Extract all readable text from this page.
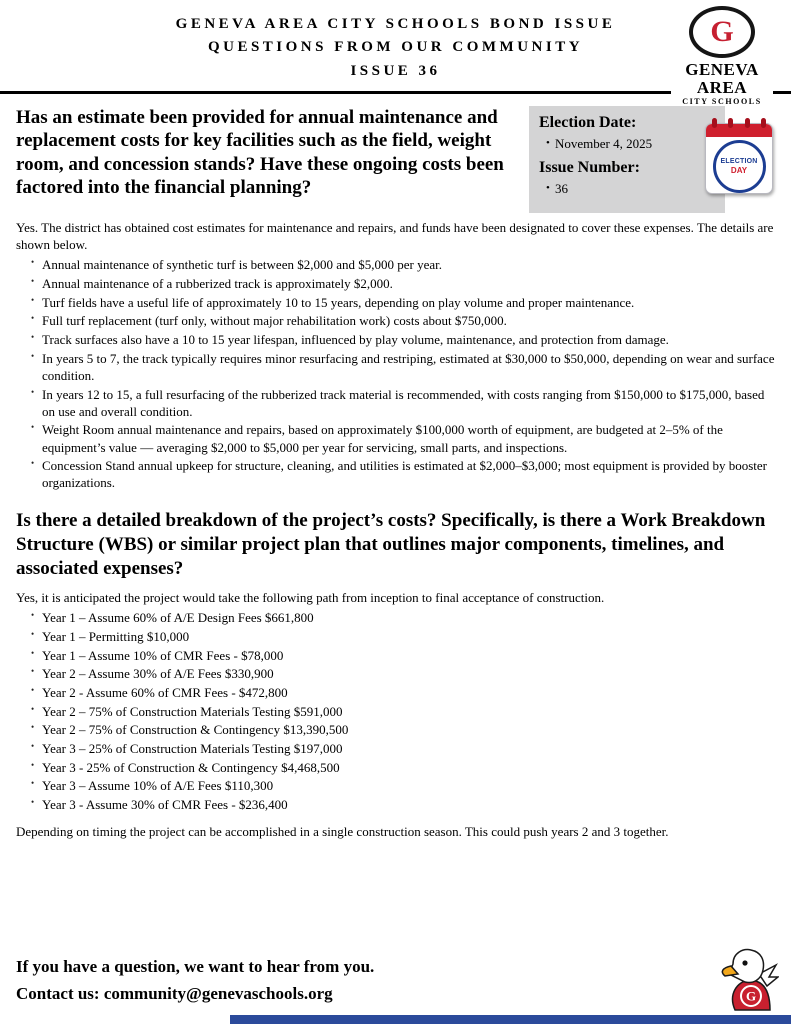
GENEVA AREA CITY SCHOOLS BOND ISSUE
QUESTIONS FROM OUR COMMUNITY
ISSUE 36
G
GENEVA
AREA
CITY SCHOOLS
Has an estimate been provided for annual maintenance and replacement costs for key facilities such as the field, weight room, and concession stands? Have these ongoing costs been factored into the financial planning?
Election Date:
• November 4, 2025
Issue Number:
• 36
ELECTION
DAY

Yes. The district has obtained cost estimates for maintenance and repairs, and funds have been designated to cover these expenses. The details are shown below.

• Annual maintenance of synthetic turf is between $2,000 and $5,000 per year.
• Annual maintenance of a rubberized track is approximately $2,000.
• Turf fields have a useful life of approximately 10 to 15 years, depending on play volume and proper maintenance.
• Full turf replacement (turf only, without major rehabilitation work) costs about $750,000.
• Track surfaces also have a 10 to 15 year lifespan, influenced by play volume, maintenance, and protection from damage.
• In years 5 to 7, the track typically requires minor resurfacing and restriping, estimated at $30,000 to $50,000, depending on wear and surface condition.
• In years 12 to 15, a full resurfacing of the rubberized track material is recommended, with costs ranging from $150,000 to $175,000, based on use and overall condition.
• Weight Room annual maintenance and repairs, based on approximately $100,000 worth of equipment, are budgeted at 2–5% of the equipment’s value — averaging $2,000 to $5,000 per year for servicing, small parts, and inspections.
• Concession Stand annual upkeep for structure, cleaning, and utilities is estimated at $2,000–$3,000; most equipment is provided by booster organizations.
Is there a detailed breakdown of the project’s costs? Specifically, is there a Work Breakdown Structure (WBS) or similar project plan that outlines major components, timelines, and associated expenses?

Yes, it is anticipated the project would take the following path from inception to final acceptance of construction.

• Year 1 – Assume 60% of A/E Design Fees $661,800
• Year 1 – Permitting $10,000
• Year 1 – Assume 10% of CMR Fees - $78,000
• Year 2 – Assume 30% of A/E Fees $330,900
• Year 2 - Assume 60% of CMR Fees - $472,800
• Year 2 – 75% of Construction Materials Testing $591,000
• Year 2 – 75% of Construction & Contingency $13,390,500
• Year 3 – 25% of Construction Materials Testing $197,000
• Year 3 - 25% of Construction & Contingency $4,468,500
• Year 3 – Assume 10% of A/E Fees $110,300
• Year 3 - Assume 30% of CMR Fees - $236,400

Depending on timing the project can be accomplished in a single construction season. This could push years 2 and 3 together.

If you have a question, we want to hear from you.
Contact us: community@genevaschools.org	G
